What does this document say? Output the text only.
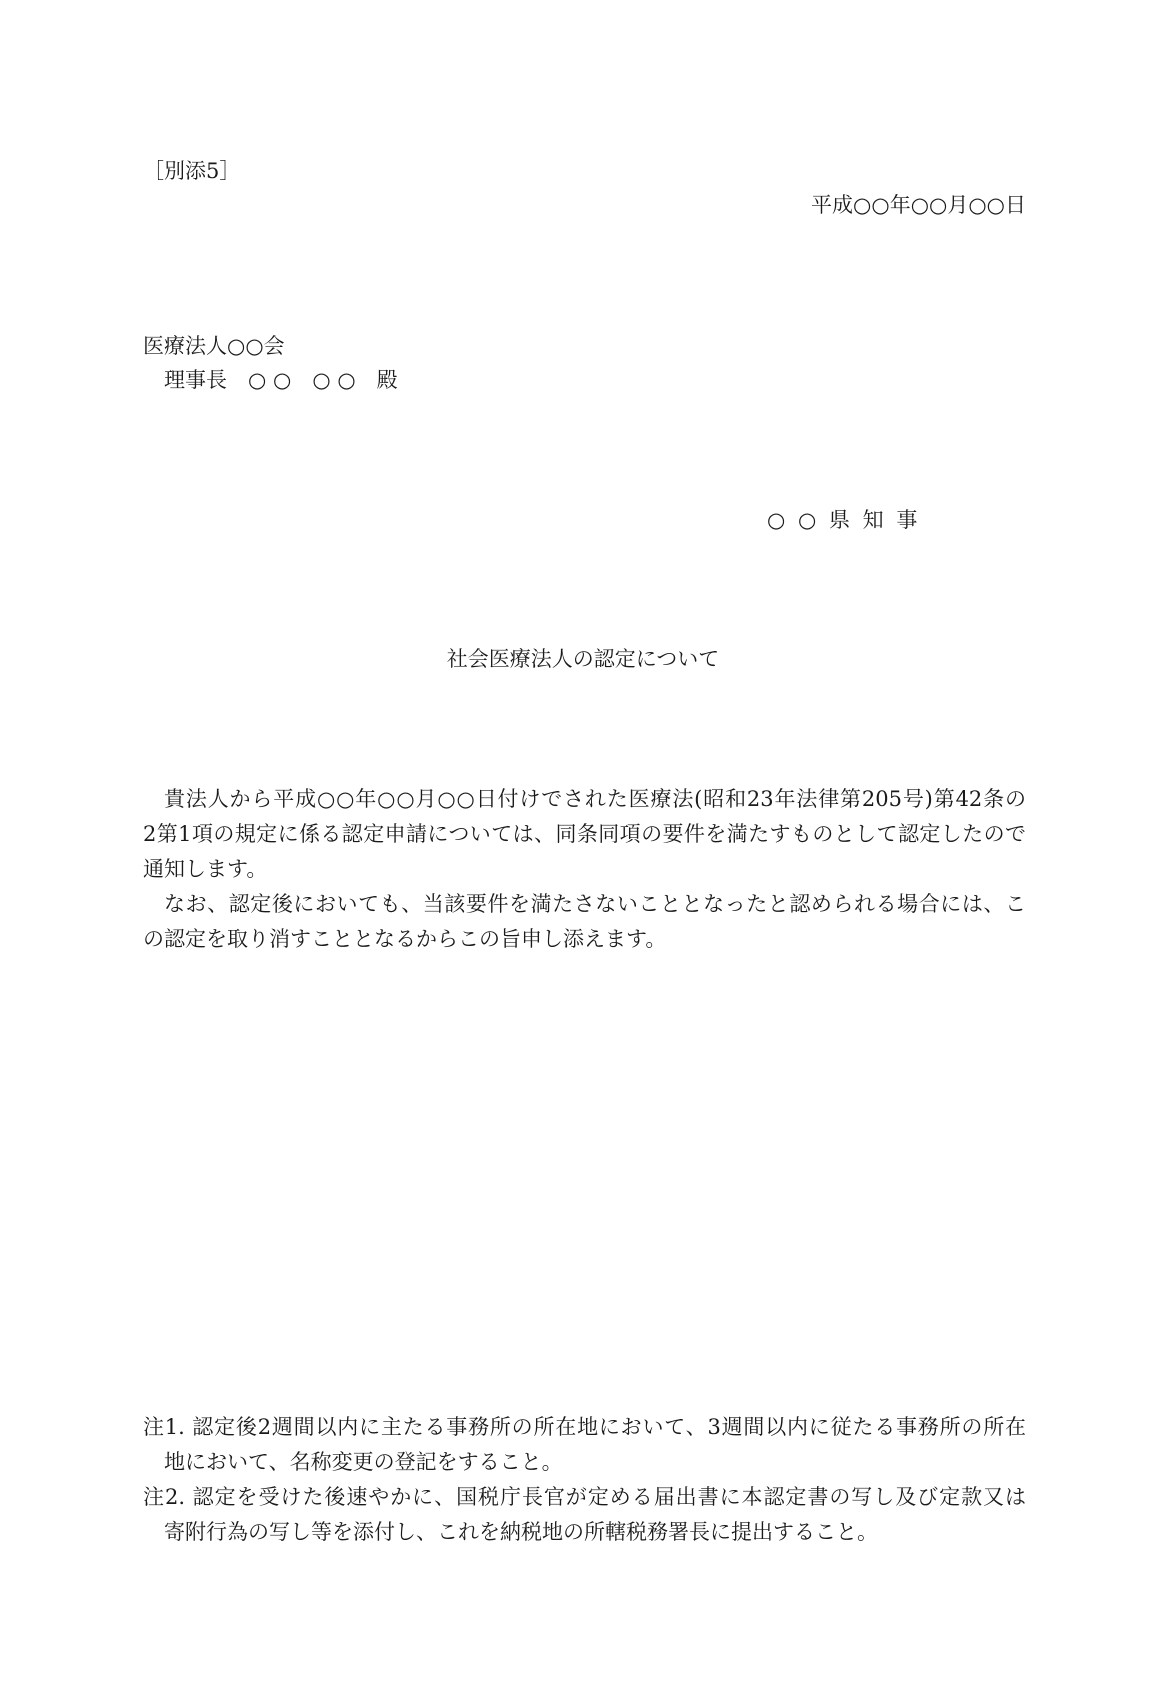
［別添5］
平成○○年○○月○○日
医療法人○○会
理事長　○ ○　○ ○　殿
○ ○ 県 知 事
社会医療法人の認定について
貴法人から平成○○年○○月○○日付けでされた医療法(昭和23年法律第205号)第42条の
2第1項の規定に係る認定申請については、同条同項の要件を満たすものとして認定したので
通知します。
なお、認定後においても、当該要件を満たさないこととなったと認められる場合には、こ
の認定を取り消すこととなるからこの旨申し添えます。
注1. 認定後2週間以内に主たる事務所の所在地において、3週間以内に従たる事務所の所在
地において、名称変更の登記をすること。
注2. 認定を受けた後速やかに、国税庁長官が定める届出書に本認定書の写し及び定款又は
寄附行為の写し等を添付し、これを納税地の所轄税務署長に提出すること。
